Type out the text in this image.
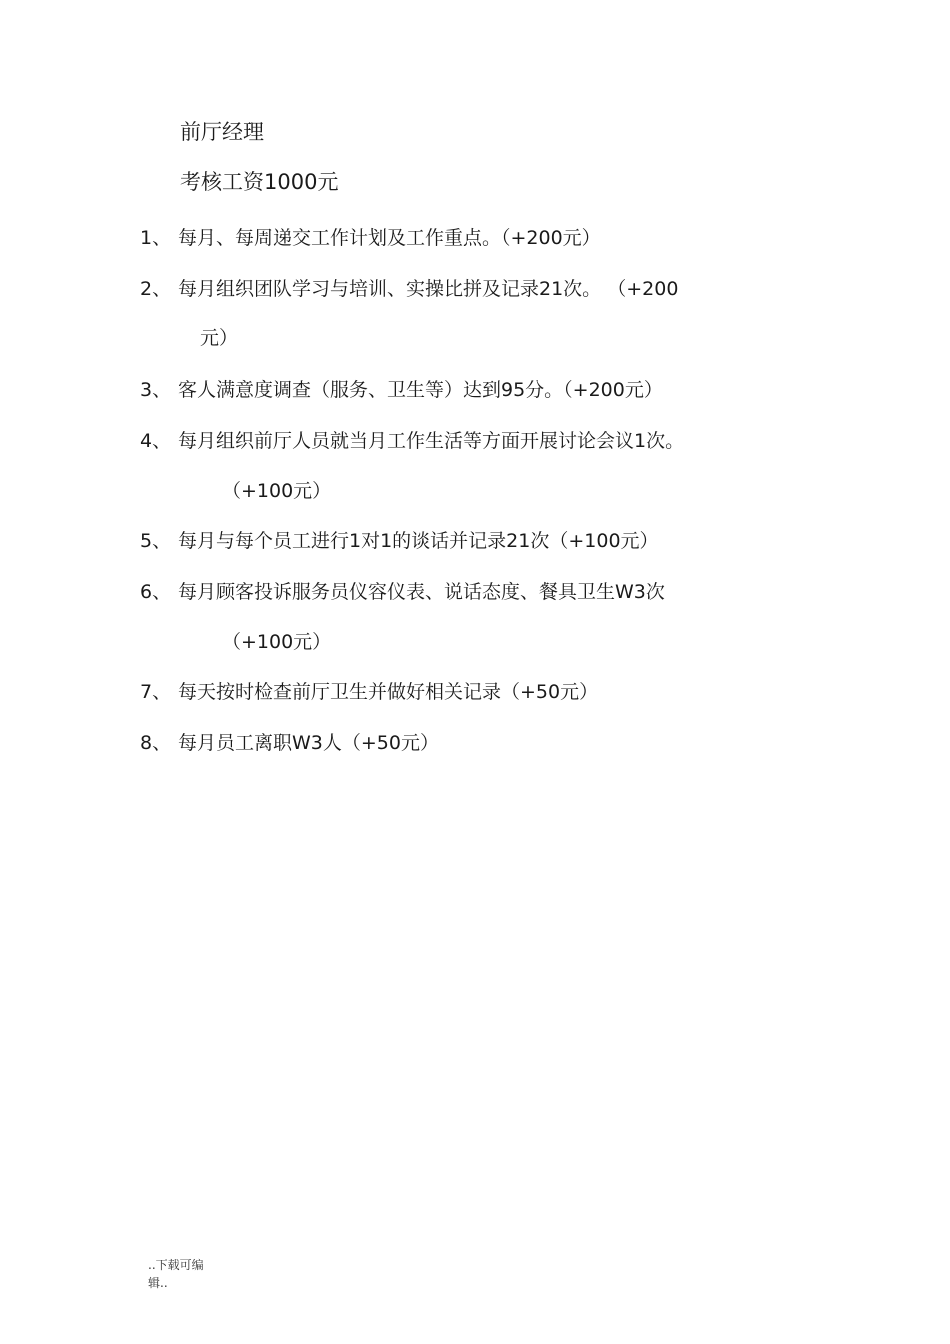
前厅经理
考核工资1000元
1、 每月、每周递交工作计划及工作重点。（+200元）
2、 每月组织团队学习与培训、实操比拼及记录21次。 （+200
元）
3、 客人满意度调查（服务、卫生等）达到95分。（+200元）
4、 每月组织前厅人员就当月工作生活等方面开展讨论会议1次。
（+100元）
5、 每月与每个员工进行1对1的谈话并记录21次（+100元）
6、 每月顾客投诉服务员仪容仪表、说话态度、餐具卫生W3次
（+100元）
7、 每天按时检查前厅卫生并做好相关记录（+50元）
8、 每月员工离职W3人（+50元）
..下载可编
辑..
